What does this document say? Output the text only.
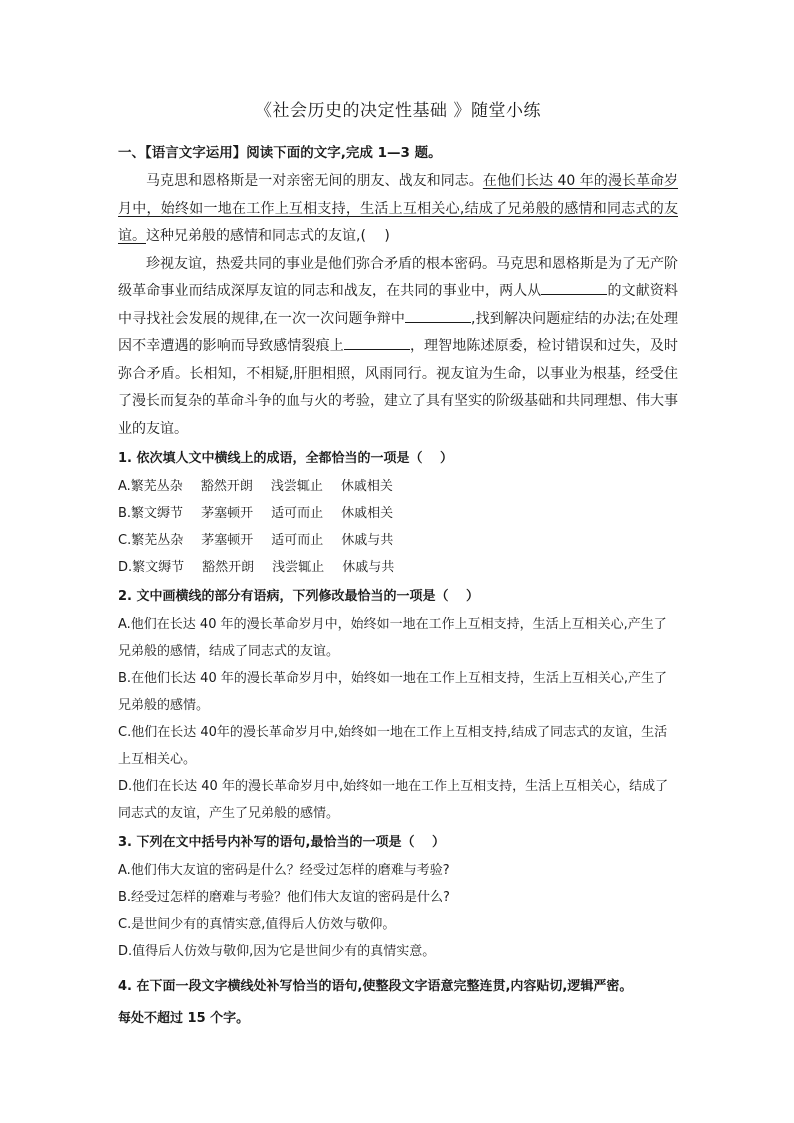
《社会历史的决定性基础 》随堂小练
一、【语言文字运用】阅读下面的文字,完成 1—3 题。

马克思和恩格斯是一对亲密无间的朋友、战友和同志。在他们长达 40 年的漫长革命岁月中，始终如一地在工作上互相支持，生活上互相关心,结成了兄弟般的感情和同志式的友谊。这种兄弟般的感情和同志式的友谊,(　 )

珍视友谊，热爱共同的事业是他们弥合矛盾的根本密码。马克思和恩格斯是为了无产阶级革命事业而结成深厚友谊的同志和战友，在共同的事业中，两人从	的文献资料中寻找社会发展的规律,在一次一次问题争辩中	,找到解决问题症结的办法;在处理因不幸遭遇的影响而导致感情裂痕上	，理智地陈述原委，检讨错误和过失，及时弥合矛盾。长相知，不相疑,肝胆相照，风雨同行。视友谊为生命，以事业为根基，经受住了漫长而复杂的革命斗争的血与火的考验，建立了具有坚实的阶级基础和共同理想、伟大事业的友谊。

1. 依次填人文中横线上的成语，全都恰当的一项是（　 ）
A.繁芜丛杂 豁然开朗 浅尝辄止 休戚相关
B.繁文缛节 茅塞顿开 适可而止 休戚相关
C.繁芜丛杂 茅塞顿开 适可而止 休戚与共
D.繁文缛节 豁然开朗 浅尝辄止 休戚与共
2. 文中画横线的部分有语病，下列修改最恰当的一项是（　 ）
A.他们在长达 40 年的漫长革命岁月中，始终如一地在工作上互相支持，生活上互相关心,产生了兄弟般的感情，结成了同志式的友谊。
B.在他们长达 40 年的漫长革命岁月中，始终如一地在工作上互相支持，生活上互相关心,产生了兄弟般的感情。
C.他们在长达 40年的漫长革命岁月中,始终如一地在工作上互相支持,结成了同志式的友谊，生活上互相关心。
D.他们在长达 40 年的漫长革命岁月中,始终如一地在工作上互相支持，生活上互相关心，结成了同志式的友谊，产生了兄弟般的感情。
3. 下列在文中括号内补写的语句,最恰当的一项是（　 ）
A.他们伟大友谊的密码是什么？经受过怎样的磨难与考验?
B.经受过怎样的磨难与考验？他们伟大友谊的密码是什么?
C.是世间少有的真情实意,值得后人仿效与敬仰。
D.值得后人仿效与敬仰,因为它是世间少有的真情实意。
4. 在下面一段文字横线处补写恰当的语句,使整段文字语意完整连贯,内容贴切,逻辑严密。
每处不超过 15 个字。
